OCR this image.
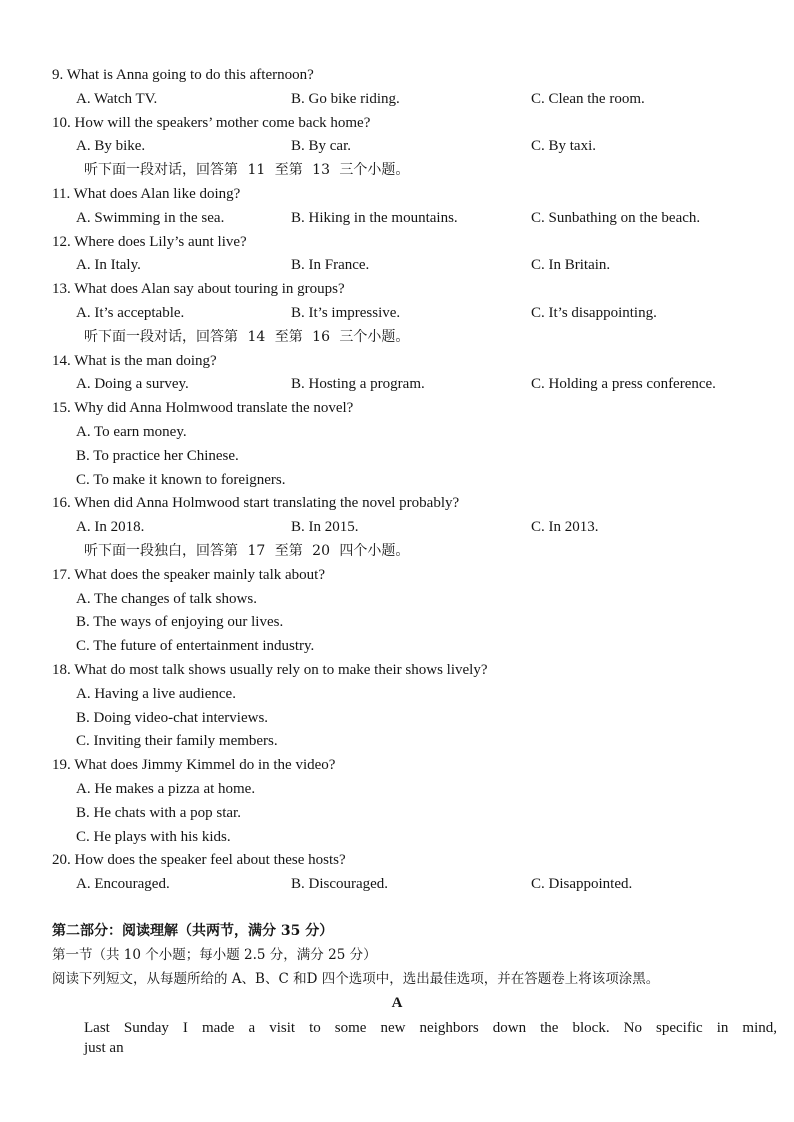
9. What is Anna going to do this afternoon?
A. Watch TV.	B. Go bike riding.	C. Clean the room.
10. How will the speakers’ mother come back home?
A. By bike.	B. By car.	C. By taxi.
听下面一段对话，回答第 11 至第 13 三个小题。
11. What does Alan like doing?
A. Swimming in the sea.	B. Hiking in the mountains.	C. Sunbathing on the beach.
12. Where does Lily’s aunt live?
A. In Italy.	B. In France.	C. In Britain.
13. What does Alan say about touring in groups?
A. It’s acceptable.	B. It’s impressive.	C. It’s disappointing.
听下面一段对话，回答第 14 至第 16 三个小题。
14. What is the man doing?
A. Doing a survey.	B. Hosting a program.	C. Holding a press conference.
15. Why did Anna Holmwood translate the novel?
A. To earn money.
B. To practice her Chinese.
C. To make it known to foreigners.
16. When did Anna Holmwood start translating the novel probably?
A. In 2018.	B. In 2015.	C. In 2013.
听下面一段独白，回答第 17 至第 20 四个小题。
17. What does the speaker mainly talk about?
A. The changes of talk shows.
B. The ways of enjoying our lives.
C. The future of entertainment industry.
18. What do most talk shows usually rely on to make their shows lively?
A. Having a live audience.
B. Doing video-chat interviews.
C. Inviting their family members.
19. What does Jimmy Kimmel do in the video?
A. He makes a pizza at home.
B. He chats with a pop star.
C. He plays with his kids.
20. How does the speaker feel about these hosts?
A. Encouraged.	B. Discouraged.	C. Disappointed.
第二部分：阅读理解（共两节，满分 35 分）
第一节（共 10 个小题；每小题 2.5 分，满分 25 分）
阅读下列短文，从每题所给的 A、B、C 和D 四个选项中，选出最佳选项，并在答题卷上将该项涂黑。
A
Last Sunday I made a visit to some new neighbors down the block. No specific in mind,
just an
